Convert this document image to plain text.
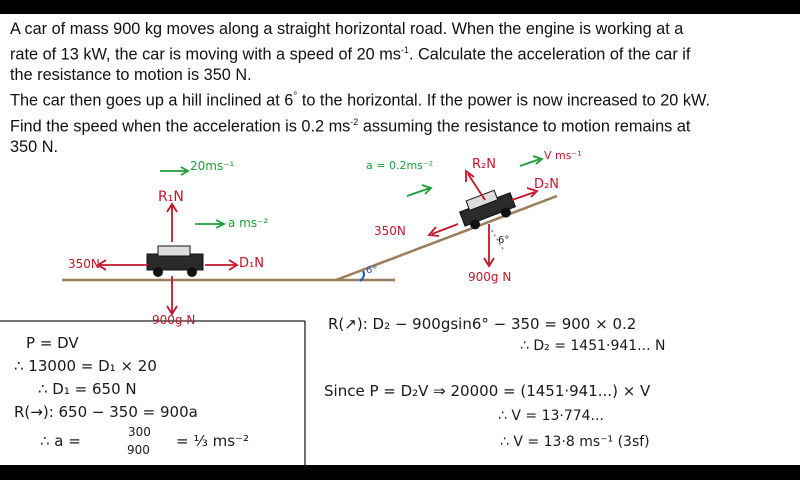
A car of mass 900 kg moves along a straight horizontal road. When the engine is working at a
rate of 13 kW, the car is moving with a speed of 20 $ms^{-1}$. Calculate the acceleration of the car if
the resistance to motion is 350 N.
The car then goes up a hill inclined at 6° to the horizontal. If the power is now increased to 20 kW.
Find the speed when the acceleration is 0.2 $ms^{-2}$ assuming the resistance to motion remains at
350 N.

20ms⁻¹
R₁N
a ms⁻²
350N	D₁N
900g N
a = 0.2ms⁻²	R₂N
V ms⁻¹
D₂N
350N
6°
900g N
6°
P = DV
∴ 13000 = D₁ × 20
∴ D₁ = 650 N
R(→): 650 − 350 = 900a
∴ a =	300
900 = ⅓ ms⁻²
R(↗): D₂ − 900gsin6° − 350 = 900 × 0.2
∴ D₂ = 1451·941... N
Since P = D₂V ⇒ 20000 = (1451·941...) × V
∴ V = 13·774...
∴ V = 13·8 ms⁻¹ (3sf)
